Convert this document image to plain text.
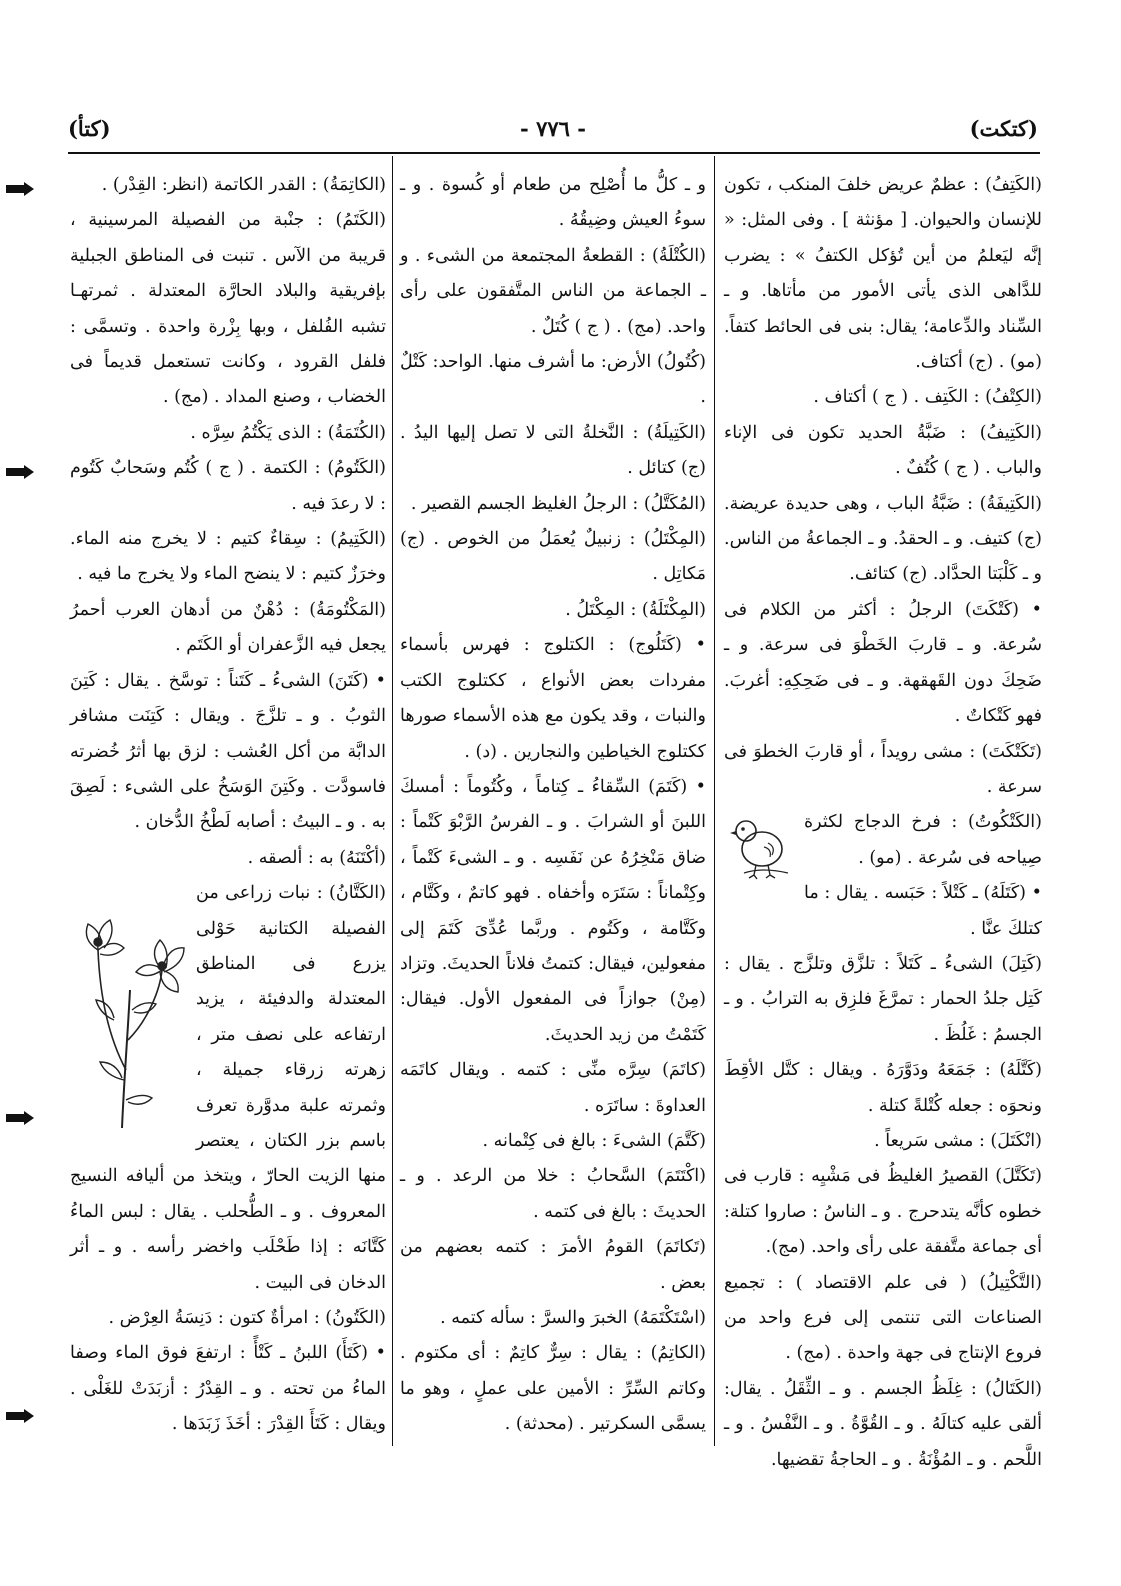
(كتكت)
- ٧٧٦ -
(كتأ)

(الكَتِفُ) : عظمٌ عريض خلفَ المنكب ، تكون للإنسان والحيوان. [ مؤنثة ] . وفى المثل: « إنَّه ليَعلمُ من أين تُؤكل الكتفُ » : يضرب للدَّاهى الذى يأتى الأمور من مأتاها. و ـ السِّناد والدِّعامة؛ يقال: بنى فى الحائط كتفاً. (مو) . (ج) أكتاف.

(الكِتْفُ) : الكَتِف . ( ج ) أكتاف .

(الكَتِيفُ) : ضَبَّةُ الحديد تكون فى الإناء والباب . ( ج ) كُتُفٌ .

(الكَتِيفَةُ) : ضَبَّةُ الباب ، وهى حديدة عريضة. (ج) كتيف. و ـ الحقدُ. و ـ الجماعةُ من الناس. و ـ كَلْبَتا الحدَّاد. (ج) كتائف.

• (كَتْكَتَ) الرجلُ : أكثر من الكلام فى سُرعة. و ـ قاربَ الخَطْوَ فى سرعة. و ـ ضَحِكَ دون القَهقهة. و ـ فى ضَحِكِهِ: أغربَ. فهو كَتْكاتٌ .

(تَكَتْكَتَ) : مشى رويداً ، أو قاربَ الخطوَ فى سرعة .

(الكَتْكُوتُ) : فرخ الدجاج لكثرة صِياحه فى سُرعة . (مو) .

• (كَتَلَهُ) ـ كَتْلاً : حَبَسه . يقال : ما كتلكَ عنَّا .

(كَتِلَ) الشىءُ ـ كَتَلاً : تلزَّق وتلزَّج . يقال : كَتِل جلدُ الحمار : تمرَّغَ فلزِق به الترابُ . و ـ الجسمُ : غَلُظَ .

(كَتَّلَهُ) : جَمَعَهُ ودَوَّرَهُ . ويقال : كتَّل الأقِطَ ونحوَه : جعله كُتْلةً كتلة .

(انْكَتَلَ) : مشى سَريعاً .

(تَكَتَّلَ) القصيرُ الغليظُ فى مَشْيِه : قارب فى خطوه كأنَّه يتدحرج . و ـ الناسُ : صاروا كتلة: أى جماعة متَّفقة على رأى واحد. (مج).

(التَّكْتِيلُ) ( فى علم الاقتصاد ) : تجميع الصناعات التى تنتمى إلى فرع واحد من فروع الإنتاج فى جهة واحدة . (مج) .

(الكَتَالُ) : غِلَظُ الجسم . و ـ الثِّقَلُ . يقال: ألقى عليه كتالَهُ . و ـ القُوَّةُ . و ـ النَّفْسُ . و ـ اللَّحم . و ـ المُؤْنَةُ . و ـ الحاجةُ تقضيها.

و ـ كلُّ ما أُصْلِح من طعام أو كُسوة . و ـ سوءُ العيش وضِيقُهُ .

(الكُتْلَةُ) : القطعةُ المجتمعة من الشىء . و ـ الجماعة من الناس المتَّفقون على رأى واحد. (مج) . ( ج ) كُتَلٌ .

(كُتُولُ) الأرض: ما أشرف منها. الواحد: كَتْلٌ .

(الكَتِيلَةُ) : النَّخلةُ التى لا تصل إليها اليدُ . (ج) كتائل .

(المُكَتَّلُ) : الرجلُ الغليظ الجسم القصير .

(المِكْتَلُ) : زنبيلٌ يُعمَلُ من الخوص . (ج) مَكاتِل .

(المِكْتَلَةُ) : المِكْتَلُ .

• (كَتَلُوج) : الكتلوج : فهرس بأسماء مفردات بعض الأنواع ، ككتلوج الكتب والنبات ، وقد يكون مع هذه الأسماء صورها ككتلوج الخياطين والنجارين . (د) .

• (كَتَمَ) السِّقاءُ ـ كِتاماً ، وكُتُوماً : أمسكَ اللبنَ أو الشرابَ . و ـ الفرسُ الرَّبْوَ كَتْماً : ضاق مَنْخِرُهُ عن نَفَسِه . و ـ الشىءَ كَتْماً ، وكِتْماناً : سَتَرَه وأخفاه . فهو كاتمٌ ، وكَتَّام ، وكَتَّامة ، وكَتُوم . وربَّما عُدِّىَ كَتَمَ إلى مفعولين، فيقال: كتمتُ فلاناً الحديثَ. وتزاد (مِنْ) جوازاً فى المفعول الأول. فيقال: كَتَمْتُ من زيد الحديثَ.

(كاتَمَ) سِرَّه منِّى : كتمه . ويقال كاتَمَه العداوةَ : ساتَرَه .

(كَتَّمَ) الشىءَ : بالغ فى كِتْمانه .

(اكْتَتَمَ) السَّحابُ : خلا من الرعد . و ـ الحديثَ : بالغ فى كتمه .

(تَكاتَمَ) القومُ الأمرَ : كتمه بعضهم من بعض .

(اسْتَكْتَمَهُ) الخبرَ والسرَّ : سأله كتمه .

(الكاتِمُ) : يقال : سِرٌّ كاتِمٌ : أى مكتوم . وكاتم السِّرِّ : الأمين على عملٍ ، وهو ما يسمَّى السكرتير . (محدثة) .

(الكاتِمَةُ) : القدر الكاتمة (انظر: القِدْر) .

(الكَتَمُ) : جنْبة من الفصيلة المرسينية ، قريبة من الآس . تنبت فى المناطق الجبلية بإفريقية والبلاد الحارَّة المعتدلة . ثمرتهـا تشبه الفُلفل ، وبها بِزْرة واحدة . وتسمَّى : فلفل القرود ، وكانت تستعمل قديماً فى الخضاب ، وصنع المداد . (مج) .

(الكُتَمَةُ) : الذى يَكْتُمُ سِرَّه .

(الكَتُومُ) : الكتمة . ( ج ) كُتُم وسَحابٌ كَتُوم : لا رعدَ فيه .

(الكَتِيمُ) : سِقاءٌ كتيم : لا يخرج منه الماء. وخرَزٌ كتيم : لا ينضح الماء ولا يخرج ما فيه .

(المَكْتُومَةُ) : دُهْنٌ من أدهان العرب أحمرُ يجعل فيه الزَّعفران أو الكَتَم .

• (كَتَنَ) الشىءُ ـ كَتَناً : توسَّخ . يقال : كَتِنَ الثوبُ . و ـ تلزَّجَ . ويقال : كَتِنَت مشافر الدابَّة من أكل العُشب : لزق بها أثرُ خُضرته فاسودَّت . وكَتِنَ الوَسَخُ على الشىء : لَصِقَ به . و ـ البيتُ : أصابه لَطْخُ الدُّخان .

(أكْتَنَهُ) به : ألصقه .

(الكَتَّانُ) : نبات زراعى من الفصيلة الكتانية حَوْلى يزرع فى المناطق المعتدلة والدفيئة ، يزيد ارتفاعه على نصف متر ، زهرته زرقاء جميلة ، وثمرته علبة مدوَّرة تعرف باسم بزر الكتان ، يعتصر منها الزيت الحارّ ، ويتخذ من أليافه النسيج المعروف . و ـ الطُّحلب . يقال : لبس الماءُ كَتَّانَه : إذا طَحْلَب واخضر رأسه . و ـ أثر الدخان فى البيت .

(الكَتُونُ) : امرأةٌ كتون : دَنِسَةُ العِرْض .

• (كَتَأَ) اللبنُ ـ كَتْأً : ارتفعَ فوق الماء وصفا الماءُ من تحته . و ـ القِدْرُ : أزبَدَتْ للغَلْى . ويقال : كَتَأَ القِدْرَ : أخَذَ زَبَدَها .
